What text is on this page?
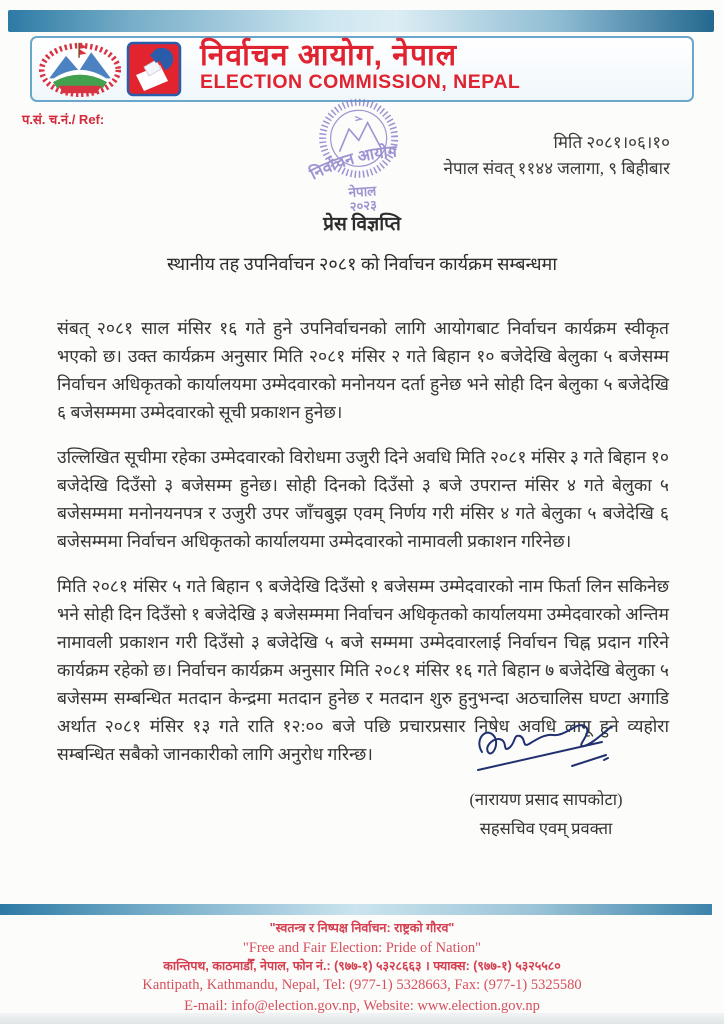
निर्वाचन आयोग, नेपाल
ELECTION COMMISSION, NEPAL
प.सं. च.नं./ Ref:
निर्वाचन आयोग
नेपाल
२०२३
मिति २०८१।०६।१०
नेपाल संवत् ११४४ जलागा, ९ बिहीबार
प्रेस विज्ञप्ति
स्थानीय तह उपनिर्वाचन २०८१ को निर्वाचन कार्यक्रम सम्बन्धमा

संबत् २०८१ साल मंसिर १६ गते हुने उपनिर्वाचनको लागि आयोगबाट निर्वाचन कार्यक्रम स्वीकृत भएको छ। उक्त कार्यक्रम अनुसार मिति २०८१ मंसिर २ गते बिहान १० बजेदेखि बेलुका ५ बजेसम्म निर्वाचन अधिकृतको कार्यालयमा उम्मेदवारको मनोनयन दर्ता हुनेछ भने सोही दिन बेलुका ५ बजेदेखि ६ बजेसम्ममा उम्मेदवारको सूची प्रकाशन हुनेछ।

उल्लिखित सूचीमा रहेका उम्मेदवारको विरोधमा उजुरी दिने अवधि मिति २०८१ मंसिर ३ गते बिहान १० बजेदेखि दिउँसो ३ बजेसम्म हुनेछ। सोही दिनको दिउँसो ३ बजे उपरान्त मंसिर ४ गते बेलुका ५ बजेसम्ममा मनोनयनपत्र र उजुरी उपर जाँचबुझ एवम् निर्णय गरी मंसिर ४ गते बेलुका ५ बजेदेखि ६ बजेसम्ममा निर्वाचन अधिकृतको कार्यालयमा उम्मेदवारको नामावली प्रकाशन गरिनेछ।

मिति २०८१ मंसिर ५ गते बिहान ९ बजेदेखि दिउँसो १ बजेसम्म उम्मेदवारको नाम फिर्ता लिन सकिनेछ भने सोही दिन दिउँसो १ बजेदेखि ३ बजेसम्ममा निर्वाचन अधिकृतको कार्यालयमा उम्मेदवारको अन्तिम नामावली प्रकाशन गरी दिउँसो ३ बजेदेखि ५ बजे सम्ममा उम्मेदवारलाई निर्वाचन चिह्न प्रदान गरिने कार्यक्रम रहेको छ। निर्वाचन कार्यक्रम अनुसार मिति २०८१ मंसिर १६ गते बिहान ७ बजेदेखि बेलुका ५ बजेसम्म सम्बन्धित मतदान केन्द्रमा मतदान हुनेछ र मतदान शुरु हुनुभन्दा अठचालिस घण्टा अगाडि अर्थात २०८१ मंसिर १३ गते राति १२:०० बजे पछि प्रचारप्रसार निषेध अवधि लागू हुने व्यहोरा सम्बन्धित सबैको जानकारीको लागि अनुरोध गरिन्छ।

(नारायण प्रसाद सापकोटा)
सहसचिव एवम् प्रवक्ता
"स्वतन्त्र र निष्पक्ष निर्वाचन: राष्ट्रको गौरव"
"Free and Fair Election: Pride of Nation"
कान्तिपथ, काठमाडौँ, नेपाल, फोन नं.: (९७७-१) ५३२८६६३ । फ्याक्स: (९७७-१) ५३२५५८०
Kantipath, Kathmandu, Nepal, Tel: (977-1) 5328663, Fax: (977-1) 5325580
E-mail: info@election.gov.np, Website: www.election.gov.np
